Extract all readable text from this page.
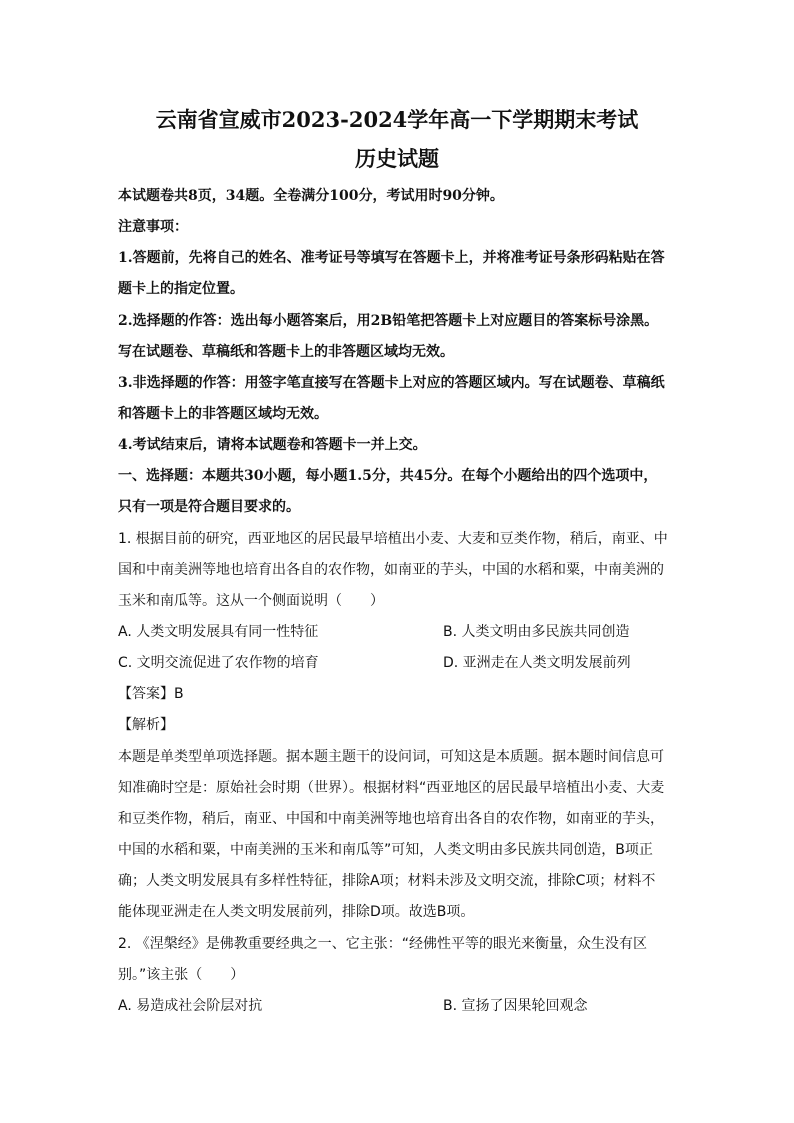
云南省宣威市2023-2024学年高一下学期期末考试
历史试题
本试题卷共8页，34题。全卷满分100分，考试用时90分钟。
注意事项：
1.答题前，先将自己的姓名、准考证号等填写在答题卡上，并将准考证号条形码粘贴在答
题卡上的指定位置。
2.选择题的作答：选出每小题答案后，用2B铅笔把答题卡上对应题目的答案标号涂黑。
写在试题卷、草稿纸和答题卡上的非答题区域均无效。
3.非选择题的作答：用签字笔直接写在答题卡上对应的答题区域内。写在试题卷、草稿纸
和答题卡上的非答题区域均无效。
4.考试结束后，请将本试题卷和答题卡一并上交。
一、选择题：本题共30小题，每小题1.5分，共45分。在每个小题给出的四个选项中，
只有一项是符合题目要求的。
1. 根据目前的研究，西亚地区的居民最早培植出小麦、大麦和豆类作物，稍后，南亚、中
国和中南美洲等地也培育出各自的农作物，如南亚的芋头，中国的水稻和粟，中南美洲的
玉米和南瓜等。这从一个侧面说明（　　）
A. 人类文明发展具有同一性特征	B. 人类文明由多民族共同创造
C. 文明交流促进了农作物的培育	D. 亚洲走在人类文明发展前列
【答案】B
【解析】
本题是单类型单项选择题。据本题主题干的设问词，可知这是本质题。据本题时间信息可
知准确时空是：原始社会时期（世界）。根据材料“西亚地区的居民最早培植出小麦、大麦
和豆类作物，稍后，南亚、中国和中南美洲等地也培育出各自的农作物，如南亚的芋头，
中国的水稻和粟，中南美洲的玉米和南瓜等”可知，人类文明由多民族共同创造，B项正
确；人类文明发展具有多样性特征，排除A项；材料未涉及文明交流，排除C项；材料不
能体现亚洲走在人类文明发展前列，排除D项。故选B项。
2. 《涅槃经》是佛教重要经典之一、它主张：“经佛性平等的眼光来衡量，众生没有区
别。”该主张（　　）
A. 易造成社会阶层对抗	B. 宣扬了因果轮回观念
